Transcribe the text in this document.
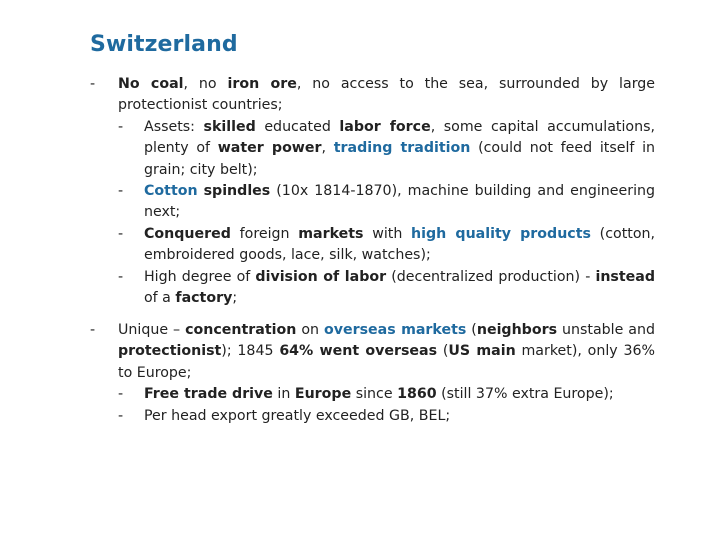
Switzerland
- No coal, no iron ore, no access to the sea, surrounded by large protectionist countries;
- Assets: skilled educated labor force, some capital accumulations, plenty of water power, trading tradition (could not feed itself in grain; city belt);
- Cotton spindles (10x 1814-1870), machine building and engineering next;
- Conquered foreign markets with high quality products (cotton, embroidered goods, lace, silk, watches);
- High degree of division of labor (decentralized production) - instead of a factory;
- Unique – concentration on overseas markets (neighbors unstable and protectionist); 1845 64% went overseas (US main market), only 36% to Europe;
- Free trade drive in Europe since 1860 (still 37% extra Europe);
- Per head export greatly exceeded GB, BEL;
